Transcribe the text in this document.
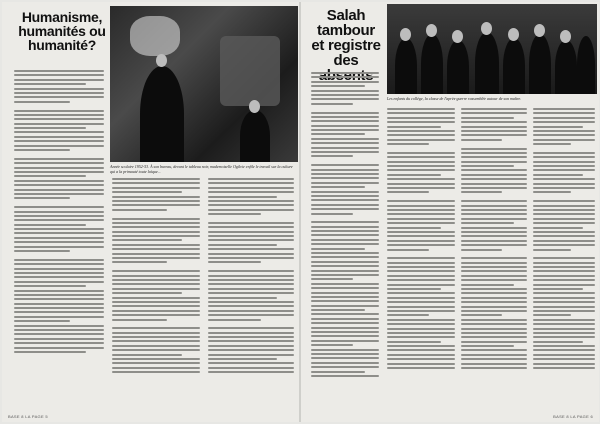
Humanisme, humanités ou humanité?
Année scolaire 1952-53. À son bureau, devant le tableau noir, mademoiselle Ogilvie enfile le travail sur la culture qui a la primauté toute laïque...
BASE 8 LA PAGE 5
Salah tambour et registre des
Les enfants du collège, la classe de l'après-guerre rassemblée autour de son maître.
BASE 8 LA PAGE 6
